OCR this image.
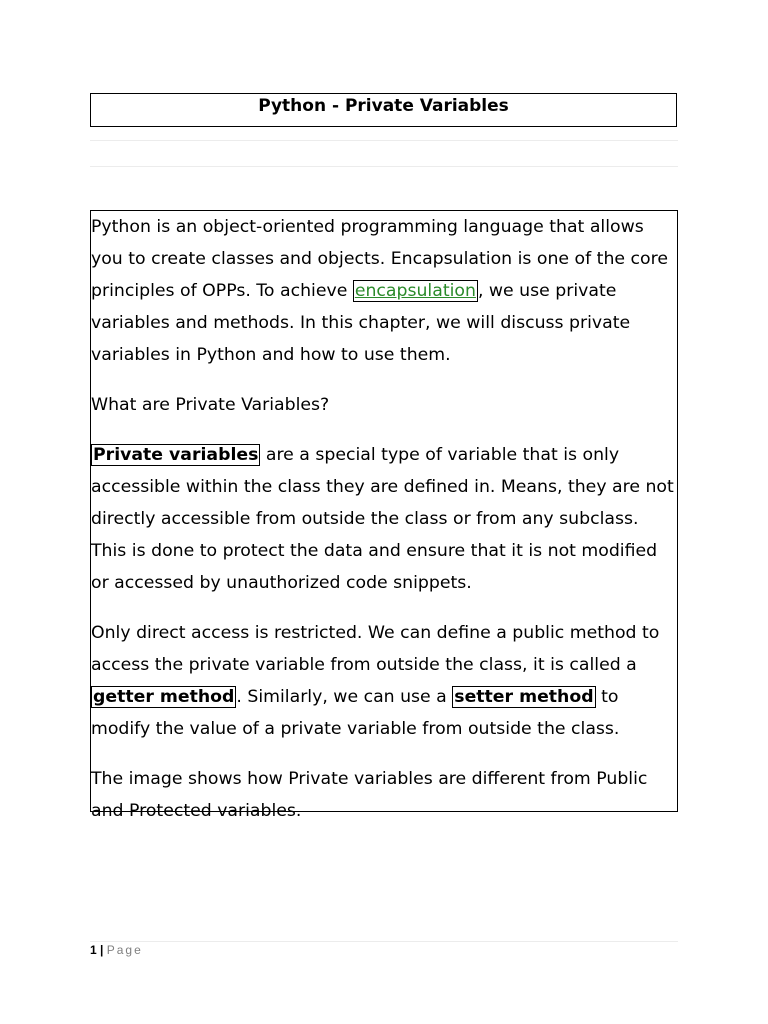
Python - Private Variables

Python is an object-oriented programming language that allows you to create classes and objects. Encapsulation is one of the core principles of OPPs. To achieve encapsulation , we use private variables and methods. In this chapter, we will discuss private variables in Python and how to use them.

What are Private Variables?

Private variables are a special type of variable that is only accessible within the class they are defined in. Means, they are not directly accessible from outside the class or from any subclass. This is done to protect the data and ensure that it is not modified or accessed by unauthorized code snippets.

Only direct access is restricted. We can define a public method to access the private variable from outside the class, it is called a getter method . Similarly, we can use a setter method to modify the value of a private variable from outside the class.

The image shows how Private variables are different from Public and Protected variables.

1 | Page
